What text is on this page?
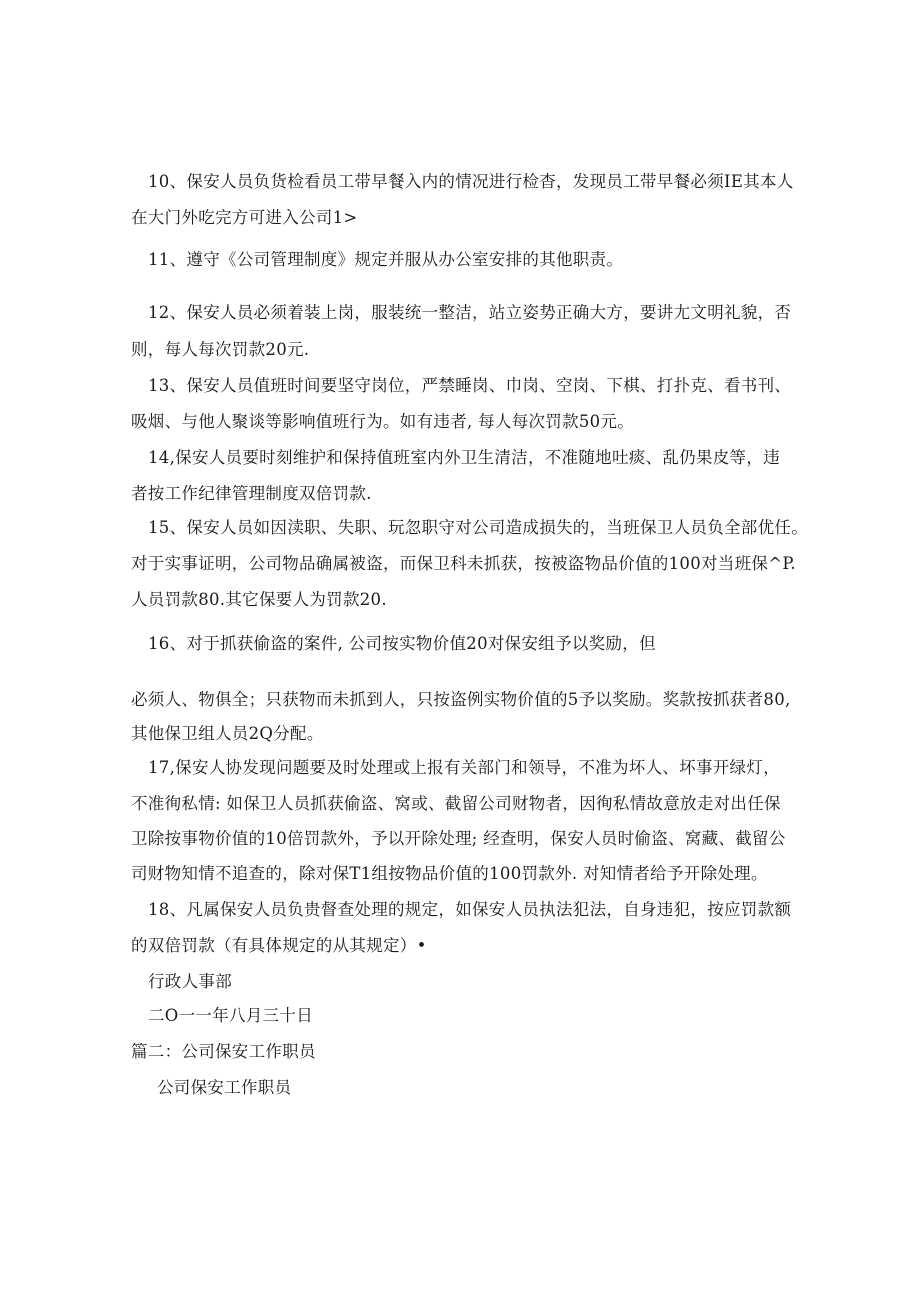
10、保安人员负货检看员工带早餐入内的情况进行检杳，发现员工带早餐必须IE其本人
在大门外吃完方可进入公司1>
11、遵守《公司管理制度》规定并服从办公室安排的其他职责。
12、保安人员必须着装上岗，服装统一整洁，站立姿势正确大方，要讲尢文明礼貌，否
则，每人每次罚款20元.
13、保安人员值班时间要坚守岗位，严禁睡岗、巾岗、空岗、下棋、打扑克、看书刊、
吸烟、与他人聚谈等影响值班行为。如有违者, 每人每次罚款50元。
14,保安人员要时刻维护和保持值班室内外卫生清洁，不准随地吐痰、乱仍果皮等，违
者按工作纪律管理制度双倍罚款.
15、保安人员如因渎职、失职、玩忽职守对公司造成损失的，当班保卫人员负全部优任。
对于实事证明，公司物品确属被盗，而保卫科未抓获，按被盗物品价值的100对当班保^P.
人员罚款80.其它保要人为罚款20.
16、对于抓获偷盗的案件, 公司按实物价值20对保安组予以奖励，但
必须人、物俱全；只获物而未抓到人，只按盗例实物价值的5予以奖励。奖款按抓获者80,
其他保卫组人员2Q分配。
17,保安人协发现问题要及时处理或上报有关部门和领导，不准为坏人、坏事开绿灯，
不准徇私情: 如保卫人员抓获偷盗、窝或、截留公司财物者，因徇私情故意放走对出任保
卫除按事物价值的10倍罚款外，予以开除处理; 经查明，保安人员时偷盗、窝藏、截留公
司财物知情不追查的，除对保T1组按物品价值的100罚款外. 对知情者给予开除处理。
18、凡属保安人员负贵督查处理的规定，如保安人员执法犯法，自身违犯，按应罚款额
的双倍罚款（有具体规定的从其规定）•
行政人事部
二O一一年八月三十日
篇二：公司保安工作职员
公司保安工作职员
